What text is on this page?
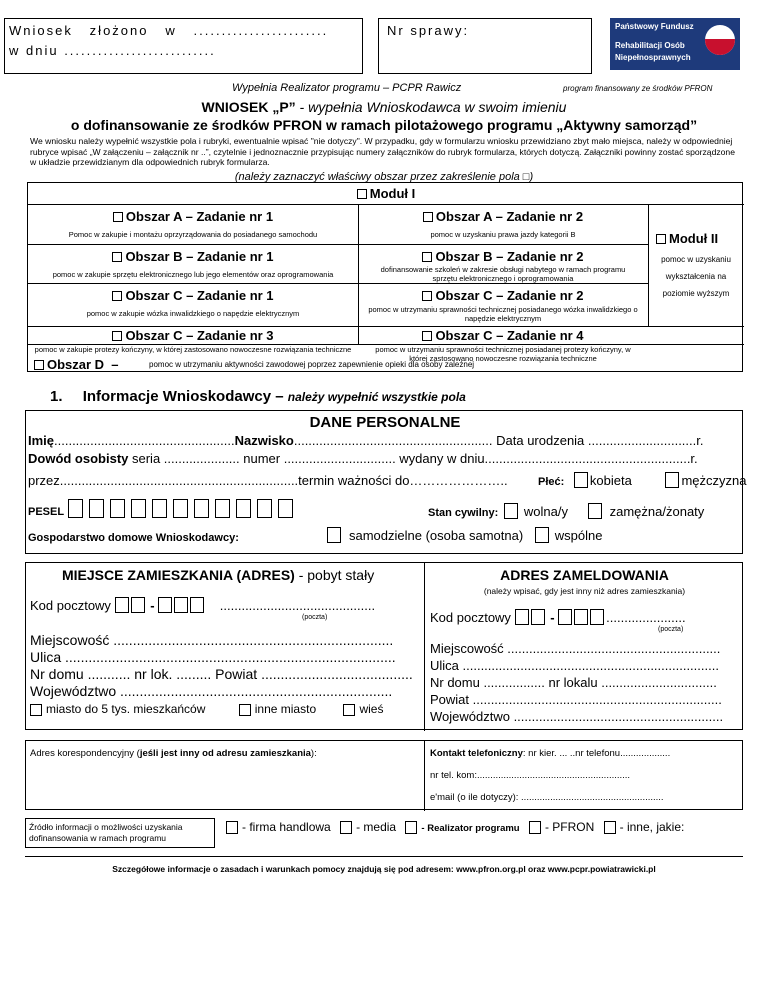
Wniosek   złożono   w   ........................
w dniu ...........................
Nr sprawy:	Państwowy Fundusz
Rehabilitacji Osób
Niepełnosprawnych
Wypełnia Realizator programu – PCPR Rawicz	program finansowany ze środków PFRON
WNIOSEK „P” - wypełnia Wnioskodawca w swoim imieniu
o dofinansowanie ze środków PFRON w ramach pilotażowego programu „Aktywny samorząd”
We wniosku należy wypełnić wszystkie pola i rubryki, ewentualnie wpisać "nie dotyczy". W przypadku, gdy w formularzu wniosku przewidziano zbyt mało miejsca, należy w odpowiedniej rubryce wpisać „W załączeniu – załącznik nr ..”, czytelnie i jednoznacznie przypisując numery załączników do rubryk formularza, których dotyczą. Załączniki powinny zostać sporządzone w układzie przewidzianym dla odpowiednich rubryk formularza.
(należy zaznaczyć właściwy obszar przez zakreślenie pola □)
Moduł I
Obszar A – Zadanie nr 1
Pomoc w zakupie i montażu oprzyrządowania do posiadanego samochodu
Obszar A – Zadanie nr 2
pomoc w uzyskaniu prawa jazdy kategorii B
Obszar B – Zadanie nr 1
pomoc w zakupie sprzętu elektronicznego lub jego elementów oraz oprogramowania
Obszar B – Zadanie nr 2
dofinansowanie szkoleń w zakresie obsługi nabytego w ramach programu sprzętu elektronicznego i oprogramowania
Obszar C – Zadanie nr 1
pomoc w zakupie wózka inwalidzkiego o napędzie elektrycznym
Obszar C – Zadanie nr 2
pomoc w utrzymaniu sprawności technicznej posiadanego wózka inwalidzkiego o napędzie elektrycznym
Obszar C – Zadanie nr 3
pomoc w zakupie protezy kończyny, w której zastosowano nowoczesne rozwiązania techniczne
Obszar C – Zadanie nr 4
pomoc w utrzymaniu sprawności technicznej posiadanej protezy kończyny, w której zastosowano nowoczesne rozwiązania techniczne
Moduł II
pomoc w uzyskaniu
wykształcenia na
poziomie wyższym
Obszar D  –	pomoc w utrzymaniu aktywności zawodowej poprzez zapewnienie opieki dla osoby zależnej
1. Informacje Wnioskodawcy – należy wypełnić wszystkie pola
DANE PERSONALNE
Imię..................................................Nazwisko....................................................... Data urodzenia ..............................r.
Dowód osobisty seria ..................... numer ............................... wydany w dniu.........................................................r.
przez..................................................................termin ważności do…………………..	Płeć: kobieta	mężczyzna
PESEL	Stan cywilny: wolna/y	zamężna/żonaty
Gospodarstwo domowe Wnioskodawcy:	samodzielne (osoba samotna) wspólne
MIEJSCE ZAMIESZKANIA (ADRES) - pobyt stały
Kod pocztowy	-	...........................................
(poczta)
Miejscowość ........................................................................
Ulica .....................................................................................
Nr domu ........... nr lok. ......... Powiat .......................................
Województwo ......................................................................
miasto do 5 tys. mieszkańców	inne miasto	wieś
ADRES ZAMELDOWANIA
(należy wpisać, gdy jest inny niż adres zamieszkania)
Kod pocztowy	-	......................
(poczta)
Miejscowość ...........................................................
Ulica .......................................................................
Nr domu ................. nr lokalu ................................
Powiat .....................................................................
Województwo ..........................................................
Adres korespondencyjny (jeśli jest inny od adresu zamieszkania):	Kontakt telefoniczny: nr kier. ... ..nr telefonu...................
nr tel. kom:..........................................................
e'mail (o ile dotyczy): ......................................................
Źródło informacji o możliwości uzyskania dofinansowania w ramach programu
- firma handlowa - media	- Realizator programu - PFRON - inne, jakie:
Szczegółowe informacje o zasadach i warunkach pomocy znajdują się pod adresem: www.pfron.org.pl oraz www.pcpr.powiatrawicki.pl
